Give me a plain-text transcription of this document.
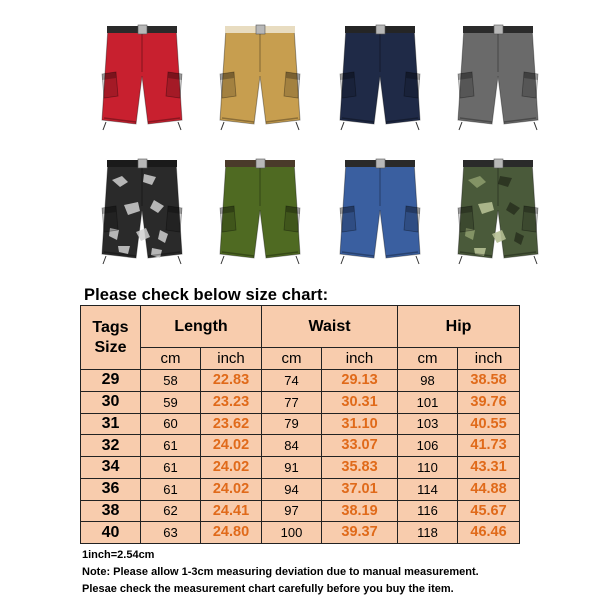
Please check below size chart:
Tags
Size	Length		Waist		Hip	
	cm	inch	cm	inch	cm	inch
29	58	22.83	74	29.13	98	38.58
30	59	23.23	77	30.31	101	39.76
31	60	23.62	79	31.10	103	40.55
32	61	24.02	84	33.07	106	41.73
34	61	24.02	91	35.83	110	43.31
36	61	24.02	94	37.01	114	44.88
38	62	24.41	97	38.19	116	45.67
40	63	24.80	100	39.37	118	46.46
1inch=2.54cm
Note: Please allow 1-3cm measuring deviation due to manual measurement.
Plesae check the measurement chart carefully before you buy the item.
